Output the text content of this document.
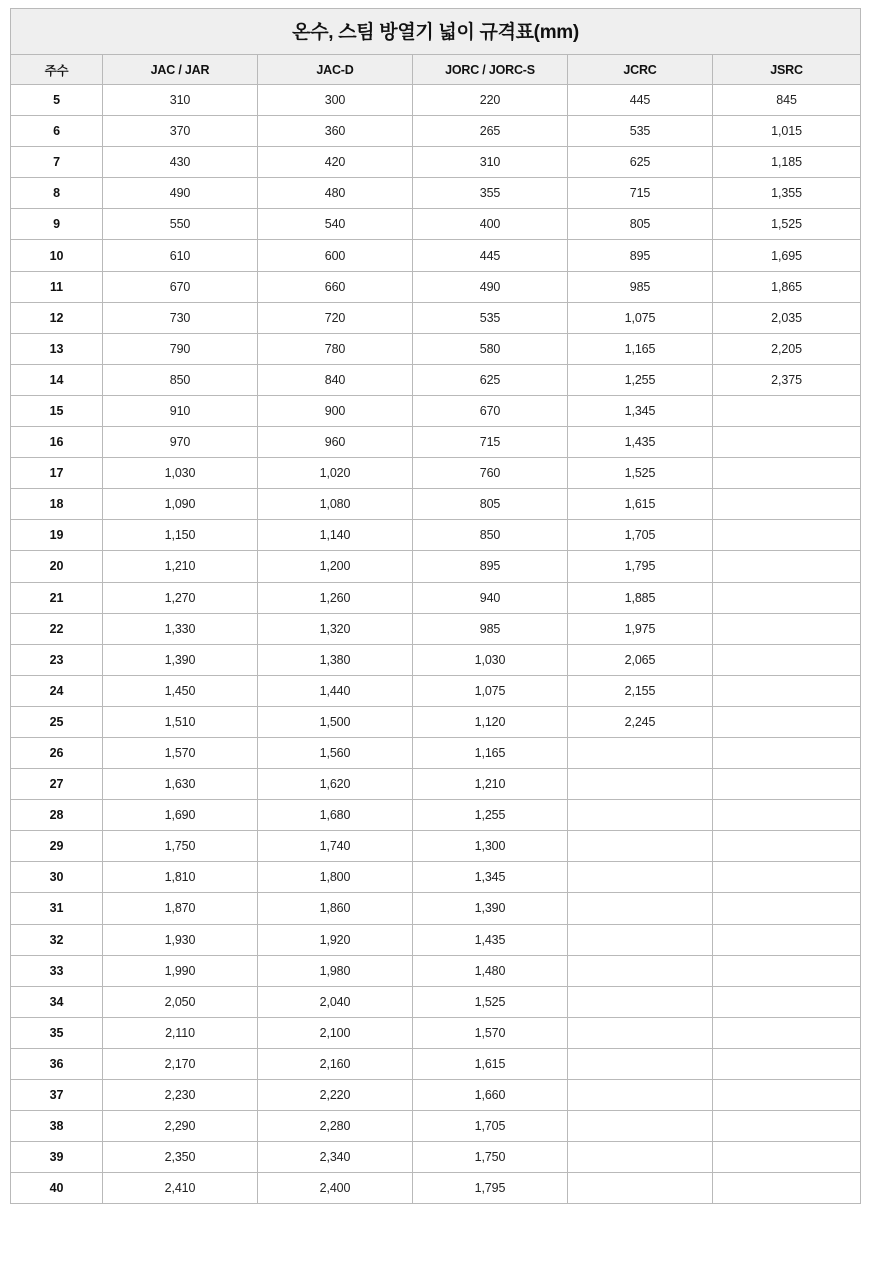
온수, 스팀 방열기 넓이 규격표(mm)					
주수	JAC / JAR	JAC-D	JORC / JORC-S	JCRC	JSRC
5	310	300	220	445	845
6	370	360	265	535	1,015
7	430	420	310	625	1,185
8	490	480	355	715	1,355
9	550	540	400	805	1,525
10	610	600	445	895	1,695
11	670	660	490	985	1,865
12	730	720	535	1,075	2,035
13	790	780	580	1,165	2,205
14	850	840	625	1,255	2,375
15	910	900	670	1,345	
16	970	960	715	1,435	
17	1,030	1,020	760	1,525	
18	1,090	1,080	805	1,615	
19	1,150	1,140	850	1,705	
20	1,210	1,200	895	1,795	
21	1,270	1,260	940	1,885	
22	1,330	1,320	985	1,975	
23	1,390	1,380	1,030	2,065	
24	1,450	1,440	1,075	2,155	
25	1,510	1,500	1,120	2,245	
26	1,570	1,560	1,165		
27	1,630	1,620	1,210		
28	1,690	1,680	1,255		
29	1,750	1,740	1,300		
30	1,810	1,800	1,345		
31	1,870	1,860	1,390		
32	1,930	1,920	1,435		
33	1,990	1,980	1,480		
34	2,050	2,040	1,525		
35	2,110	2,100	1,570		
36	2,170	2,160	1,615		
37	2,230	2,220	1,660		
38	2,290	2,280	1,705		
39	2,350	2,340	1,750		
40	2,410	2,400	1,795		
